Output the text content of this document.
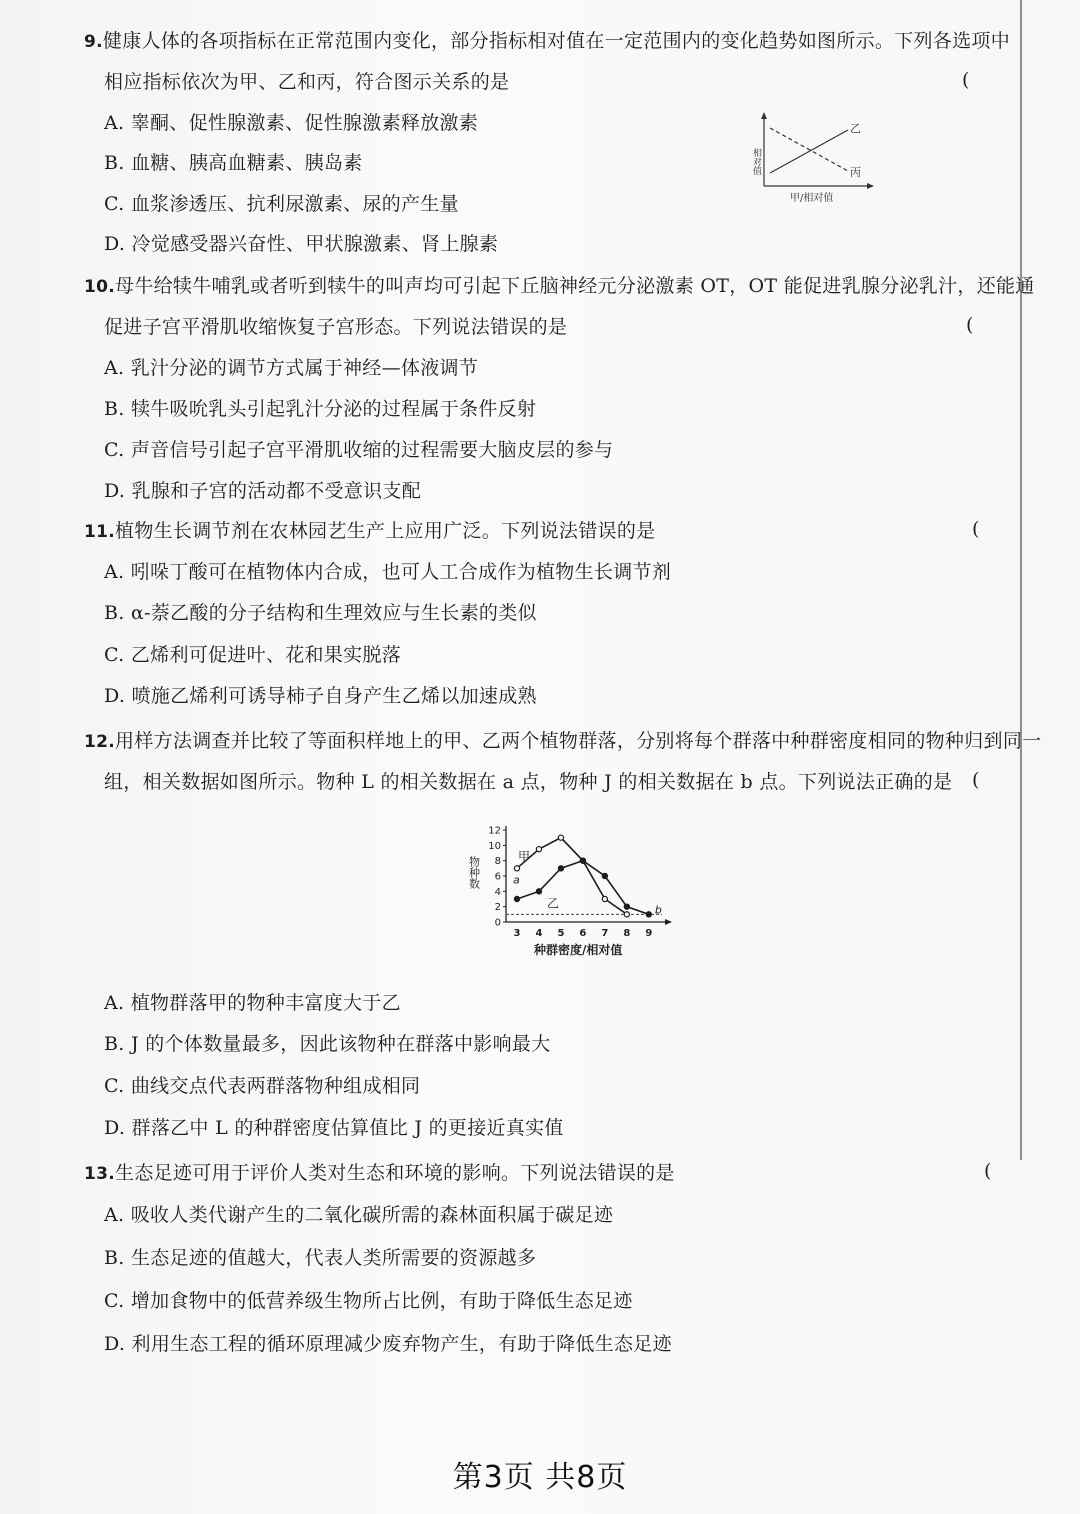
9.健康人体的各项指标在正常范围内变化，部分指标相对值在一定范围内的变化趋势如图所示。下列各选项中
相应指标依次为甲、乙和丙，符合图示关系的是	(
A. 睾酮、促性腺激素、促性腺激素释放激素
B. 血糖、胰高血糖素、胰岛素
C. 血浆渗透压、抗利尿激素、尿的产生量
D. 冷觉感受器兴奋性、甲状腺激素、肾上腺素
乙
丙
相对值
甲/相对值
10.母牛给犊牛哺乳或者听到犊牛的叫声均可引起下丘脑神经元分泌激素 OT，OT 能促进乳腺分泌乳汁，还能通
促进子宫平滑肌收缩恢复子宫形态。下列说法错误的是	(
A. 乳汁分泌的调节方式属于神经—体液调节
B. 犊牛吸吮乳头引起乳汁分泌的过程属于条件反射
C. 声音信号引起子宫平滑肌收缩的过程需要大脑皮层的参与
D. 乳腺和子宫的活动都不受意识支配
11.植物生长调节剂在农林园艺生产上应用广泛。下列说法错误的是	(
A. 吲哚丁酸可在植物体内合成，也可人工合成作为植物生长调节剂
B. α-萘乙酸的分子结构和生理效应与生长素的类似
C. 乙烯利可促进叶、花和果实脱落
D. 喷施乙烯利可诱导柿子自身产生乙烯以加速成熟
12.用样方法调查并比较了等面积样地上的甲、乙两个植物群落，分别将每个群落中种群密度相同的物种归到同一
组，相关数据如图所示。物种 L 的相关数据在 a 点，物种 J 的相关数据在 b 点。下列说法正确的是 (
0
2
4
6
8
10
12
3 4 5 6 7 8 9
甲
乙
a
b
物种数
种群密度/相对值
A. 植物群落甲的物种丰富度大于乙
B. J 的个体数量最多，因此该物种在群落中影响最大
C. 曲线交点代表两群落物种组成相同
D. 群落乙中 L 的种群密度估算值比 J 的更接近真实值
13.生态足迹可用于评价人类对生态和环境的影响。下列说法错误的是	(
A. 吸收人类代谢产生的二氧化碳所需的森林面积属于碳足迹
B. 生态足迹的值越大，代表人类所需要的资源越多
C. 增加食物中的低营养级生物所占比例，有助于降低生态足迹
D. 利用生态工程的循环原理减少废弃物产生，有助于降低生态足迹
第3页 共8页
